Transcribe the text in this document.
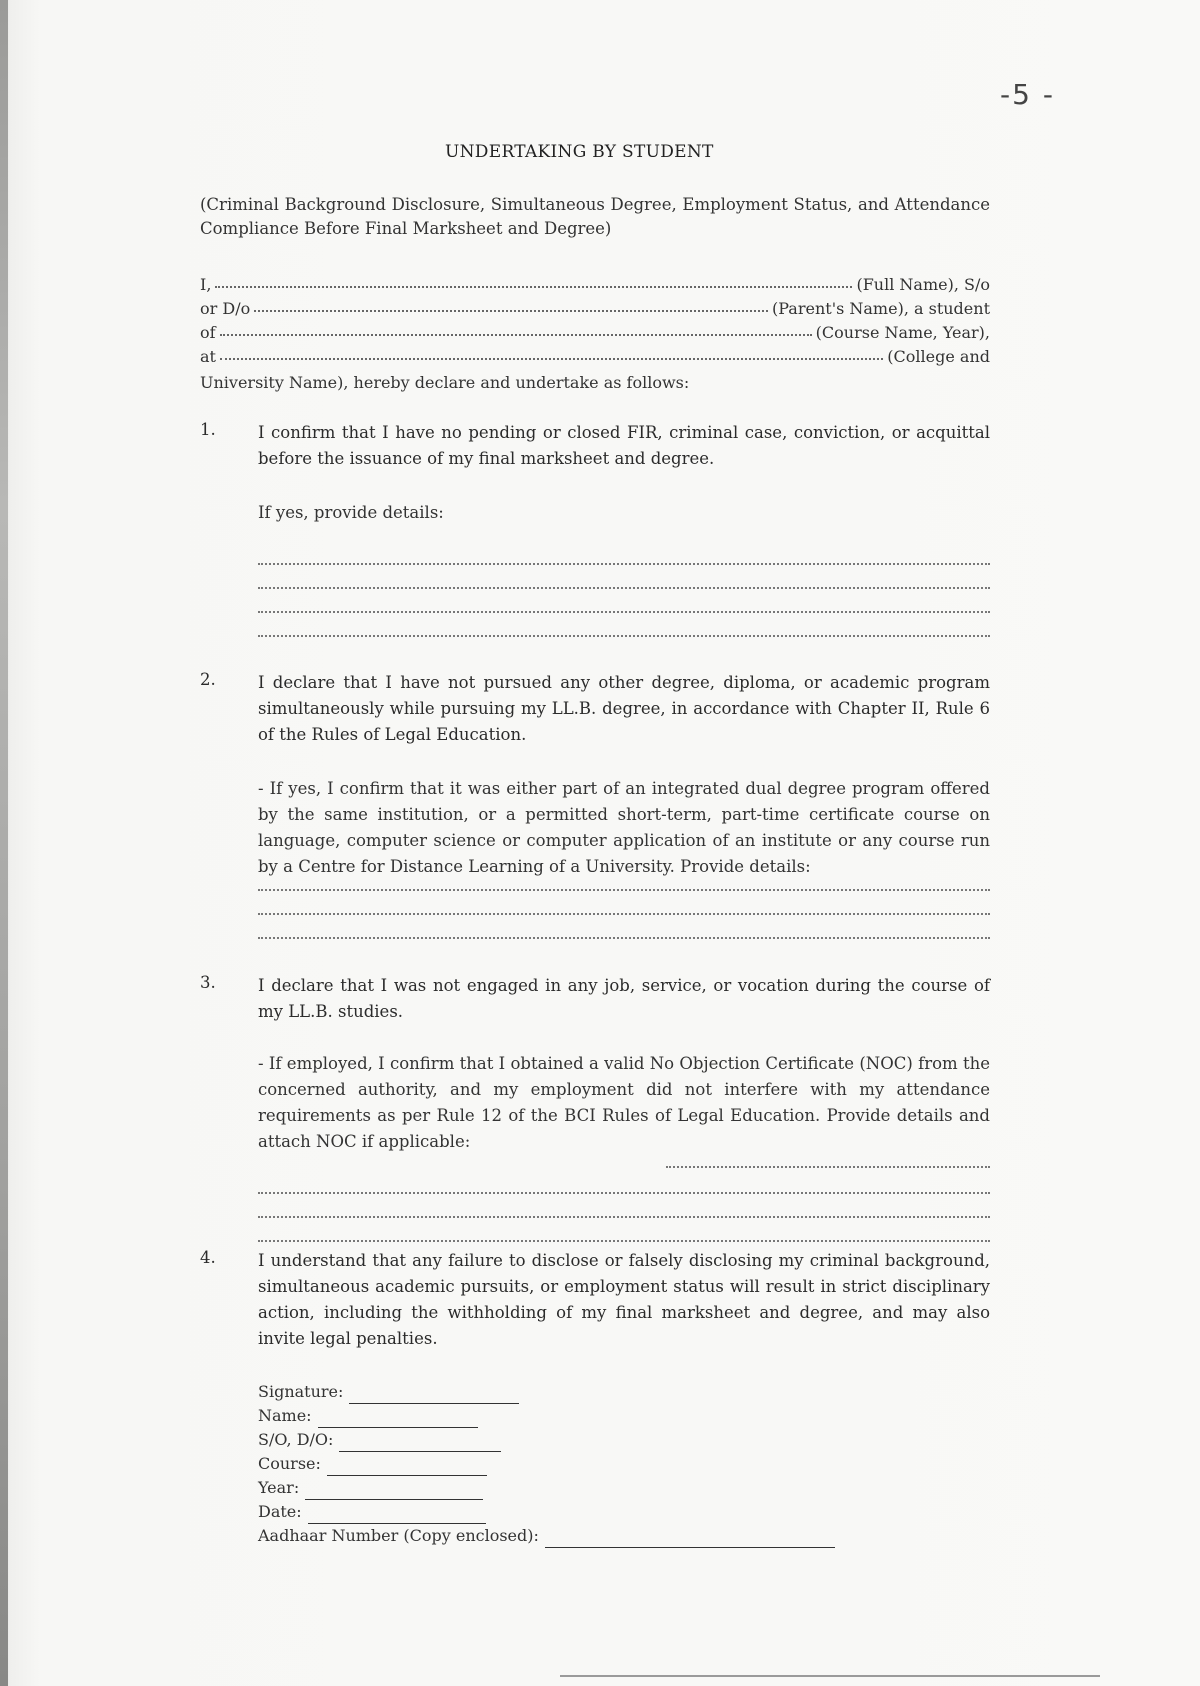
-5 -
UNDERTAKING BY STUDENT
(Criminal Background Disclosure, Simultaneous Degree, Employment Status, and Attendance Compliance Before Final Marksheet and Degree)
I,	(Full Name), S/o
or D/o	(Parent's Name), a student
of	(Course Name, Year),
at	(College and
University Name), hereby declare and undertake as follows:
1.	I confirm that I have no pending or closed FIR, criminal case, conviction, or acquittal before the issuance of my final marksheet and degree.
If yes, provide details:
2.	I declare that I have not pursued any other degree, diploma, or academic program simultaneously while pursuing my LL.B. degree, in accordance with Chapter II, Rule 6 of the Rules of Legal Education.
- If yes, I confirm that it was either part of an integrated dual degree program offered by the same institution, or a permitted short-term, part-time certificate course on language, computer science or computer application of an institute or any course run by a Centre for Distance Learning of a University. Provide details:
3.	I declare that I was not engaged in any job, service, or vocation during the course of my LL.B. studies.
- If employed, I confirm that I obtained a valid No Objection Certificate (NOC) from the concerned authority, and my employment did not interfere with my attendance requirements as per Rule 12 of the BCI Rules of Legal Education. Provide details and attach NOC if applicable:
4.	I understand that any failure to disclose or falsely disclosing my criminal background, simultaneous academic pursuits, or employment status will result in strict disciplinary action, including the withholding of my final marksheet and degree, and may also invite legal penalties.
Signature:
Name:
S/O, D/O:
Course:
Year:
Date:
Aadhaar Number (Copy enclosed):
